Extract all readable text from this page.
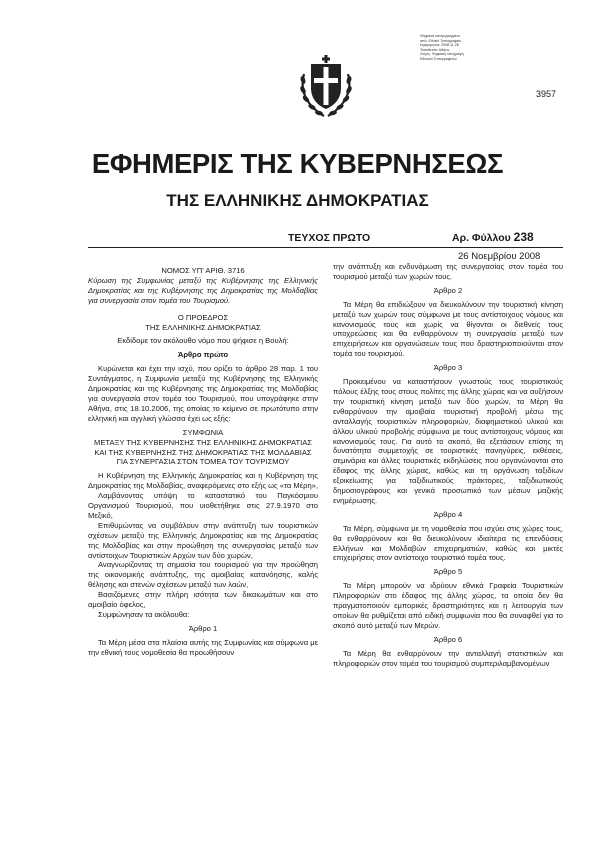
Ψηφιακά υπογεγραμμένο
από: Εθνικό Τυπογραφείο
Ημερομηνία: 2008.11.26
Τοποθεσία: Αθήνα
Λόγος: Ψηφιακή υπογραφή
Εθνικού Τυπογραφείου
3957
ΕΦΗΜΕΡΙΣ ΤΗΣ ΚΥΒΕΡΝΗΣΕΩΣ
ΤΗΣ ΕΛΛΗΝΙΚΗΣ ΔΗΜΟΚΡΑΤΙΑΣ
ΤΕΥΧΟΣ ΠΡΩΤΟ	Αρ. Φύλλου 238
26 Νοεμβρίου 2008

ΝΟΜΟΣ ΥΠ' ΑΡΙΘ. 3716

Κύρωση της Συμφωνίας μεταξύ της Κυβέρνησης της Ελληνικής Δημοκρατίας και της Κυβέρνησης της Δημοκρατίας της Μολδαβίας για συνεργασία στον τομέα του Τουρισμού.

Ο ΠΡΟΕΔΡΟΣ

ΤΗΣ ΕΛΛΗΝΙΚΗΣ ΔΗΜΟΚΡΑΤΙΑΣ

Εκδίδομε τον ακόλουθο νόμο που ψήφισε η Βουλή:

Άρθρο πρώτο

Κυρώνεται και έχει την ισχύ, που ορίζει το άρθρο 28 παρ. 1 του Συντάγματος, η Συμφωνία μεταξύ της Κυβέρνησης της Ελληνικής Δημοκρατίας και της Κυβέρνησης της Δημοκρατίας της Μολδαβίας για συνεργασία στον τομέα του Τουρισμού, που υπογράφηκε στην Αθήνα, στις 18.10.2006, της οποίας το κείμενο σε πρωτότυπο στην ελληνική και αγγλική γλώσσα έχει ως εξής:

ΣΥΜΦΩΝΙΑ

ΜΕΤΑΞΥ ΤΗΣ ΚΥΒΕΡΝΗΣΗΣ ΤΗΣ ΕΛΛΗΝΙΚΗΣ ΔΗΜΟΚΡΑΤΙΑΣ ΚΑΙ ΤΗΣ ΚΥΒΕΡΝΗΣΗΣ ΤΗΣ ΔΗΜΟΚΡΑΤΙΑΣ ΤΗΣ ΜΟΛΔΑΒΙΑΣ ΓΙΑ ΣΥΝΕΡΓΑΣΙΑ ΣΤΟΝ ΤΟΜΕΑ ΤΟΥ ΤΟΥΡΙΣΜΟΥ

Η Κυβέρνηση της Ελληνικής Δημοκρατίας και η Κυβέρνηση της Δημοκρατίας της Μολδαβίας, αναφερόμενες στο εξής ως «τα Μέρη»,

Λαμβάνοντας υπόψη το καταστατικό του Παγκόσμιου Οργανισμού Τουρισμού, που υιοθετήθηκε στις 27.9.1970 στο Μεξικό,

Επιθυμώντας να συμβάλουν στην ανάπτυξη των τουριστικών σχέσεων μεταξύ της Ελληνικής Δημοκρατίας και της Δημοκρατίας της Μολδαβίας και στην προώθηση της συνεργασίας μεταξύ των αντίστοιχων Τουριστικών Αρχών των δύο χωρών,

Αναγνωρίζοντας τη σημασία του τουρισμού για την προώθηση της οικονομικής ανάπτυξης, της αμοιβαίας κατανόησης, καλής θέλησης και στενών σχέσεων μεταξύ των λαών,

Βασιζόμενες στην πλήρη ισότητα των δικαιωμάτων και στο αμοιβαίο όφελος,

Συμφώνησαν τα ακόλουθα:

Άρθρο 1

Τα Μέρη μέσα στα πλαίσια αυτής της Συμφωνίας και σύμφωνα με την εθνική τους νομοθεσία θα προωθήσουν

την ανάπτυξη και ενδυνάμωση της συνεργασίας στον τομέα του τουρισμού μεταξύ των χωρών τους.

Άρθρο 2

Τα Μέρη θα επιδιώξουν να διευκολύνουν την τουριστική κίνηση μεταξύ των χωρών τους σύμφωνα με τους αντίστοιχους νόμους και κανονισμούς τους και χωρίς να θίγονται οι διεθνείς τους υποχρεώσεις και θα ενθαρρύνουν τη συνεργασία μεταξύ των επιχειρήσεων και οργανώσεων τους που δραστηριοποιούνται στον τομέα του τουρισμού.

Άρθρο 3

Προκειμένου να καταστήσουν γνωστούς τους τουριστικούς πόλους έλξης τους στους πολίτες της άλλης χώρας και να αυξήσουν την τουριστική κίνηση μεταξύ των δύο χωρών, τα Μέρη θα ενθαρρύνουν την αμοιβαία τουριστική προβολή μέσω της ανταλλαγής τουριστικών πληροφοριών, διαφημιστικού υλικού και άλλου υλικού προβολής σύμφωνα με τους αντίστοιχους νόμους και κανονισμούς τους. Για αυτό το σκοπό, θα εξετάσουν επίσης τη δυνατότητα συμμετοχής σε τουριστικές πανηγύρεις, εκθέσεις, σεμινάρια και άλλες τουριστικές εκδηλώσεις που οργανώνονται στο έδαφος της άλλης χώρας, καθώς και τη οργάνωση ταξιδίων εξοικείωσης για ταξιδιωτικούς πράκτορες, ταξιδιωτικούς δημοσιογράφους και γενικά προσωπικό των μέσων μαζικής ενημέρωσης.

Άρθρο 4

Τα Μέρη, σύμφωνα με τη νομοθεσία που ισχύει στις χώρες τους, θα ενθαρρύνουν και θα διευκολύνουν ιδιαίτερα τις επενδύσεις Ελλήνων και Μολδαβών επιχειρηματιών, καθώς και μικτές επιχειρήσεις στον αντίστοιχο τουριστικό τομέα τους.

Άρθρο 5

Τα Μέρη μπορούν να ιδρύουν εθνικά Γραφεία Τουριστικών Πληροφοριών στο έδαφος της άλλης χώρας, τα οποία δεν θα πραγματοποιούν εμπορικές δραστηριότητες και η λειτουργία των οποίων θα ρυθμίζεται από ειδική συμφωνία που θα συναφθεί για το σκοπό αυτό μεταξύ των Μερών.

Άρθρο 6

Τα Μέρη θα ενθαρρύνουν την ανταλλαγή στατιστικών και πληροφοριών στον τομέα του τουρισμού συμπεριλαμβανομένων
